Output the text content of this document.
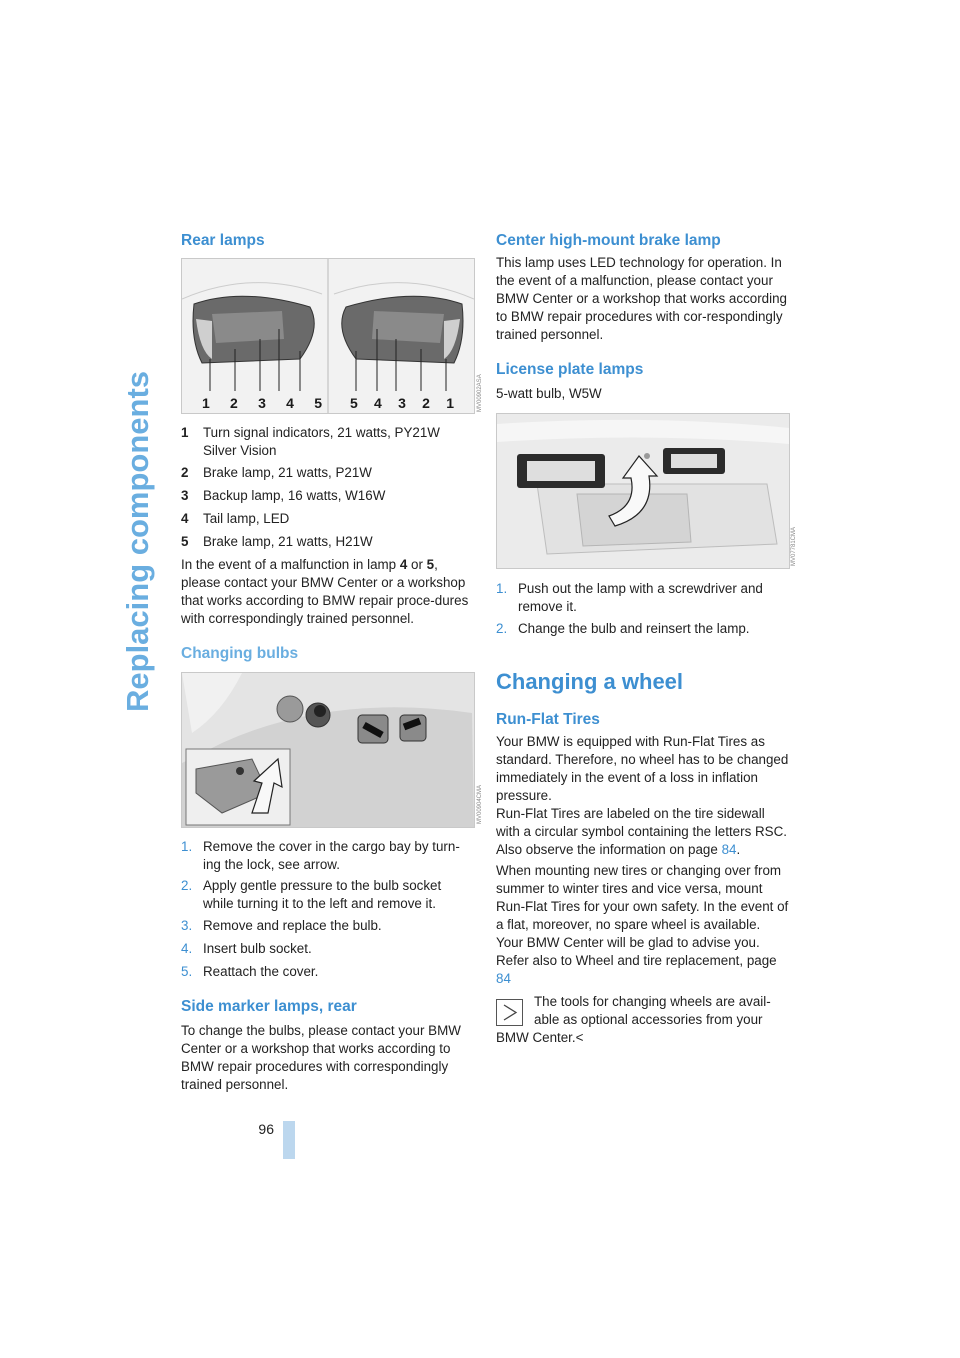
Replacing components
96
Rear lamps
1 2 3 4 5 5 4 3 2 1	MV00902ASA
1	Turn signal indicators, 21 watts, PY21W Silver Vision
2	Brake lamp, 21 watts, P21W
3	Backup lamp, 16 watts, W16W
4	Tail lamp, LED
5	Brake lamp, 21 watts, H21W
In the event of a malfunction in lamp 4 or 5, please contact your BMW Center or a workshop that works according to BMW repair proce-dures with correspondingly trained personnel.
Changing bulbs
MV00904CMA
1. Remove the cover in the cargo bay by turn-ing the lock, see arrow.
2. Apply gentle pressure to the bulb socket while turning it to the left and remove it.
3. Remove and replace the bulb.
4. Insert bulb socket.
5. Reattach the cover.
Side marker lamps, rear
To change the bulbs, please contact your BMW Center or a workshop that works according to BMW repair procedures with correspondingly trained personnel.
Center high-mount brake lamp
This lamp uses LED technology for operation. In the event of a malfunction, please contact your BMW Center or a workshop that works according to BMW repair procedures with cor-respondingly trained personnel.
License plate lamps
5-watt bulb, W5W
MV07781CMA
1. Push out the lamp with a screwdriver and remove it.
2. Change the bulb and reinsert the lamp.
Changing a wheel
Run-Flat Tires
Your BMW is equipped with Run-Flat Tires as standard. Therefore, no wheel has to be changed immediately in the event of a loss in inflation pressure.
Run-Flat Tires are labeled on the tire sidewall with a circular symbol containing the letters RSC. Also observe the information on page 84.
When mounting new tires or changing over from summer to winter tires and vice versa, mount Run-Flat Tires for your own safety. In the event of a flat, moreover, no spare wheel is available. Your BMW Center will be glad to advise you. Refer also to Wheel and tire replacement, page 84
The tools for changing wheels are avail-able as optional accessories from your
BMW Center.<
